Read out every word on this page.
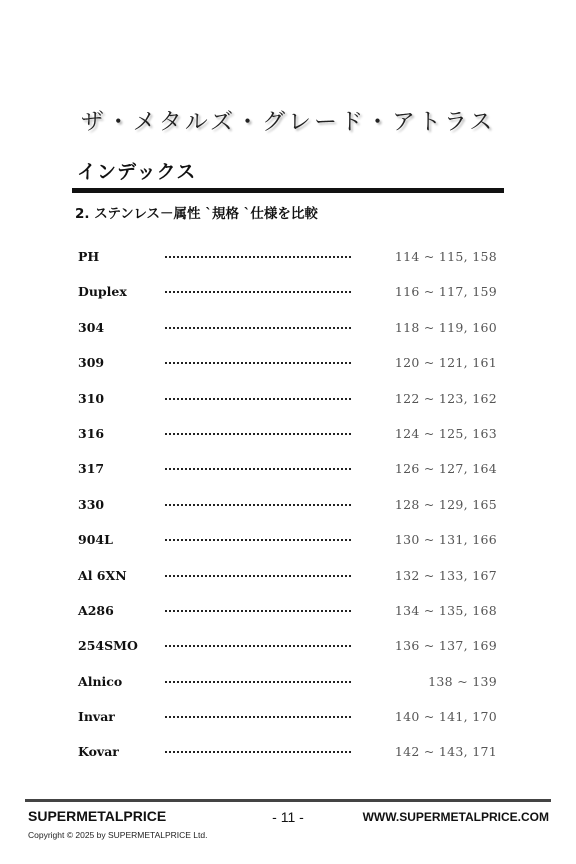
ザ・メタルズ・グレード・アトラス
インデックス
2. ステンレス－属性 `規格 `仕様を比較
PH	114 ~ 115, 158
Duplex	116 ~ 117, 159
304	118 ~ 119, 160
309	120 ~ 121, 161
310	122 ~ 123, 162
316	124 ~ 125, 163
317	126 ~ 127, 164
330	128 ~ 129, 165
904L	130 ~ 131, 166
Al 6XN	132 ~ 133, 167
A286	134 ~ 135, 168
254SMO	136 ~ 137, 169
Alnico	138 ~ 139
Invar	140 ~ 141, 170
Kovar	142 ~ 143, 171
SUPERMETALPRICE	- 11 -	WWW.SUPERMETALPRICE.COM
Copyright © 2025 by SUPERMETALPRICE Ltd.
